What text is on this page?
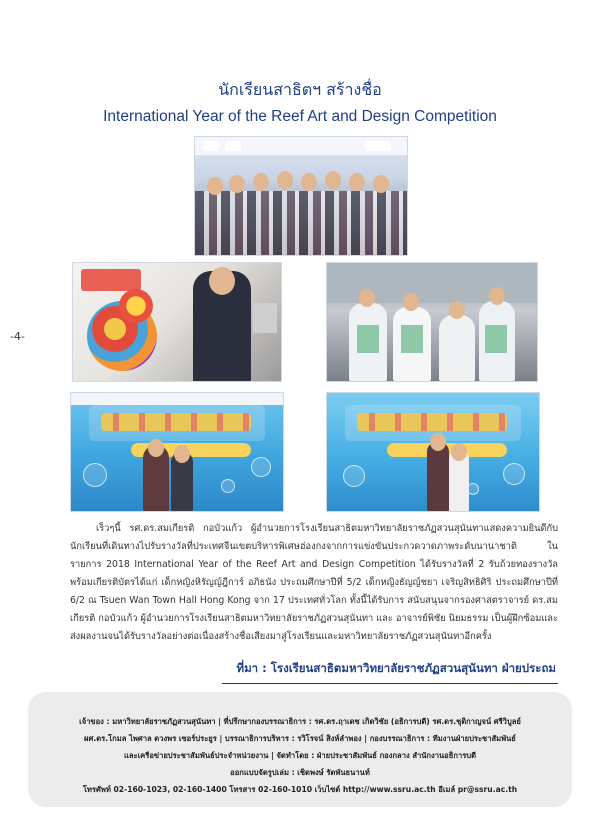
นักเรียนสาธิตฯ สร้างชื่อ
International Year of the Reef Art and Design Competition
-4-

เร็วๆนี้ รศ.ดร.สมเกียรติ กอบัวแก้ว ผู้อำนวยการโรงเรียนสาธิตมหาวิทยาลัยราชภัฏสวนสุนันทาแสดงความยินดีกับนักเรียนที่เดินทางไปรับรางวัลที่ประเทศจีนเขตบริหารพิเศษฮ่องกงจากการแข่งขันประกวดวาดภาพระดับนานาชาติ ในรายการ 2018 International Year of the Reef Art and Design Competition ได้รับรางวัลที่ 2 รับถ้วยทองรางวัลพร้อมเกียรติบัตรได้แก่ เด็กหญิงหิรัญญ์ฎีการ์ อภิธนัง ประถมศึกษาปีที่ 5/2 เด็กหญิงธัญญ์ชยา เจริญสิทธิศิริ ประถมศึกษาปีที่ 6/2 ณ Tsuen Wan Town Hall Hong Kong จาก 17 ประเทศทั่วโลก ทั้งนี้ได้รับการ สนับสนุนจากรองศาสตราจารย์ ดร.สมเกียรติ กอบัวแก้ว ผู้อำนวยการโรงเรียนสาธิตมหาวิทยาลัยราชภัฏสวนสุนันทา และ อาจารย์พิชัย นิยมธรรม เป็นผู้ฝึกซ้อมและส่งผลงานจนได้รับรางวัลอย่างต่อเนื่องสร้างชื่อเสียงมาสู่โรงเรียนและมหาวิทยาลัยราชภัฏสวนสุนันทาอีกครั้ง

ที่มา : โรงเรียนสาธิตมหาวิทยาลัยราชภัฏสวนสุนันทา ฝ่ายประถม
เจ้าของ : มหาวิทยาลัยราชภัฏสวนสุนันทา | ที่ปรึกษากองบรรณาธิการ : รศ.ดร.ฤาเดช เกิดวิชัย (อธิการบดี) รศ.ดร.ชุติกาญจน์ ศรีวิบูลย์
ผศ.ดร.โกมล ไพศาล ดวงพร เซอร์ประยูร | บรรณาธิการบริหาร : รวิโรจน์ สิงห์ลำพอง | กองบรรณาธิการ : ทีมงานฝ่ายประชาสัมพันธ์
และเครือข่ายประชาสัมพันธ์ประจำหน่วยงาน | จัดทำโดย : ฝ่ายประชาสัมพันธ์ กองกลาง สำนักงานอธิการบดี
ออกแบบจัดรูปเล่ม : เชิดพงษ์ รัตพันธนานท์
โทรศัพท์ 02-160-1023, 02-160-1400 โทรสาร 02-160-1010 เว็บไซต์ http://www.ssru.ac.th อีเมล์ pr@ssru.ac.th
